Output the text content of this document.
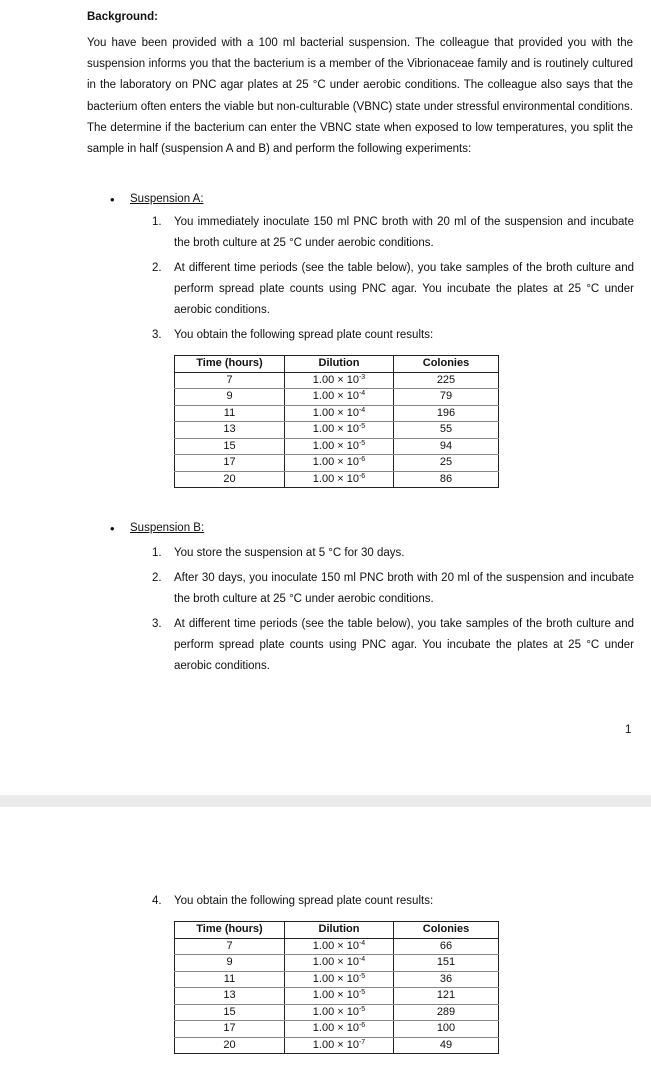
Background:
You have been provided with a 100 ml bacterial suspension. The colleague that provided you with the suspension informs you that the bacterium is a member of the Vibrionaceae family and is routinely cultured in the laboratory on PNC agar plates at 25 °C under aerobic conditions. The colleague also says that the bacterium often enters the viable but non-culturable (VBNC) state under stressful environmental conditions. The determine if the bacterium can enter the VBNC state when exposed to low temperatures, you split the sample in half (suspension A and B) and perform the following experiments:
• Suspension A:
1. You immediately inoculate 150 ml PNC broth with 20 ml of the suspension and incubate the broth culture at 25 °C under aerobic conditions.
2. At different time periods (see the table below), you take samples of the broth culture and perform spread plate counts using PNC agar. You incubate the plates at 25 °C under aerobic conditions.
3. You obtain the following spread plate count results:
Time (hours)	Dilution	Colonies
7	$1.00 \times 10^{-3}$	225
9	$1.00 \times 10^{-4}$	79
11	$1.00 \times 10^{-4}$	196
13	$1.00 \times 10^{-5}$	55
15	$1.00 \times 10^{-5}$	94
17	$1.00 \times 10^{-6}$	25
20	$1.00 \times 10^{-6}$	86
• Suspension B:
1. You store the suspension at 5 °C for 30 days.
2. After 30 days, you inoculate 150 ml PNC broth with 20 ml of the suspension and incubate the broth culture at 25 °C under aerobic conditions.
3. At different time periods (see the table below), you take samples of the broth culture and perform spread plate counts using PNC agar. You incubate the plates at 25 °C under aerobic conditions.
1
4. You obtain the following spread plate count results:
Time (hours)	Dilution	Colonies
7	$1.00 \times 10^{-4}$	66
9	$1.00 \times 10^{-4}$	151
11	$1.00 \times 10^{-5}$	36
13	$1.00 \times 10^{-5}$	121
15	$1.00 \times 10^{-5}$	289
17	$1.00 \times 10^{-6}$	100
20	$1.00 \times 10^{-7}$	49
